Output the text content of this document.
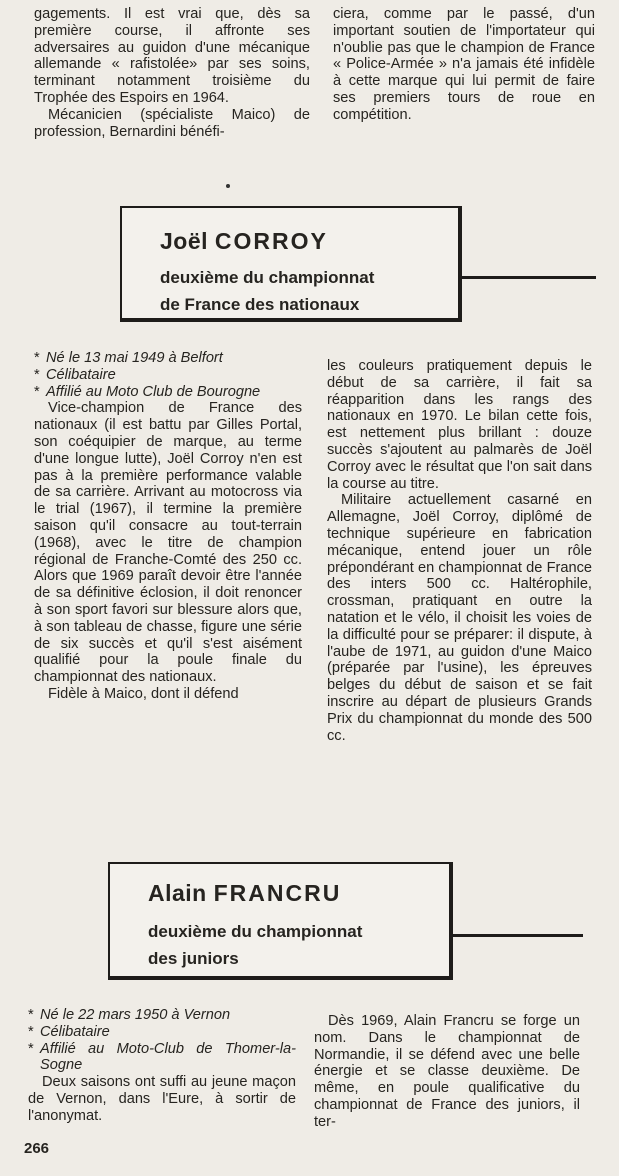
gagements. Il est vrai que, dès sa première course, il affronte ses adversaires au guidon d'une mécanique allemande « rafistolée» par ses soins, terminant notamment troisième du Trophée des Espoirs en 1964.

Mécanicien (spécialiste Maico) de profession, Bernardini bénéfi-

ciera, comme par le passé, d'un important soutien de l'importateur qui n'oublie pas que le champion de France « Police-Armée » n'a jamais été infidèle à cette marque qui lui permit de faire ses premiers tours de roue en compétition.

Joël CORROY
deuxième du championnat
de France des nationaux
* Né le 13 mai 1949 à Belfort
* Célibataire
* Affilié au Moto Club de Bourogne

Vice-champion de France des nationaux (il est battu par Gilles Portal, son coéquipier de marque, au terme d'une longue lutte), Joël Corroy n'en est pas à la première performance valable de sa carrière. Arrivant au motocross via le trial (1967), il termine la première saison qu'il consacre au tout-terrain (1968), avec le titre de champion régional de Franche-Comté des 250 cc. Alors que 1969 paraît devoir être l'année de sa définitive éclosion, il doit renoncer à son sport favori sur blessure alors que, à son tableau de chasse, figure une série de six succès et qu'il s'est aisément qualifié pour la poule finale du championnat des nationaux.

Fidèle à Maico, dont il défend

les couleurs pratiquement depuis le début de sa carrière, il fait sa réapparition dans les rangs des nationaux en 1970. Le bilan cette fois, est nettement plus brillant : douze succès s'ajoutent au palmarès de Joël Corroy avec le résultat que l'on sait dans la course au titre.

Militaire actuellement casarné en Allemagne, Joël Corroy, diplômé de technique supérieure en fabrication mécanique, entend jouer un rôle prépondérant en championnat de France des inters 500 cc. Haltérophile, crossman, pratiquant en outre la natation et le vélo, il choisit les voies de la difficulté pour se préparer: il dispute, à l'aube de 1971, au guidon d'une Maico (préparée par l'usine), les épreuves belges du début de saison et se fait inscrire au départ de plusieurs Grands Prix du championnat du monde des 500 cc.

Alain FRANCRU
deuxième du championnat
des juniors
* Né le 22 mars 1950 à Vernon
* Célibataire
* Affilié au Moto-Club de Thomer-la-Sogne

Deux saisons ont suffi au jeune maçon de Vernon, dans l'Eure, à sortir de l'anonymat.

Dès 1969, Alain Francru se forge un nom. Dans le championnat de Normandie, il se défend avec une belle énergie et se classe deuxième. De même, en poule qualificative du championnat de France des juniors, il ter-

266
